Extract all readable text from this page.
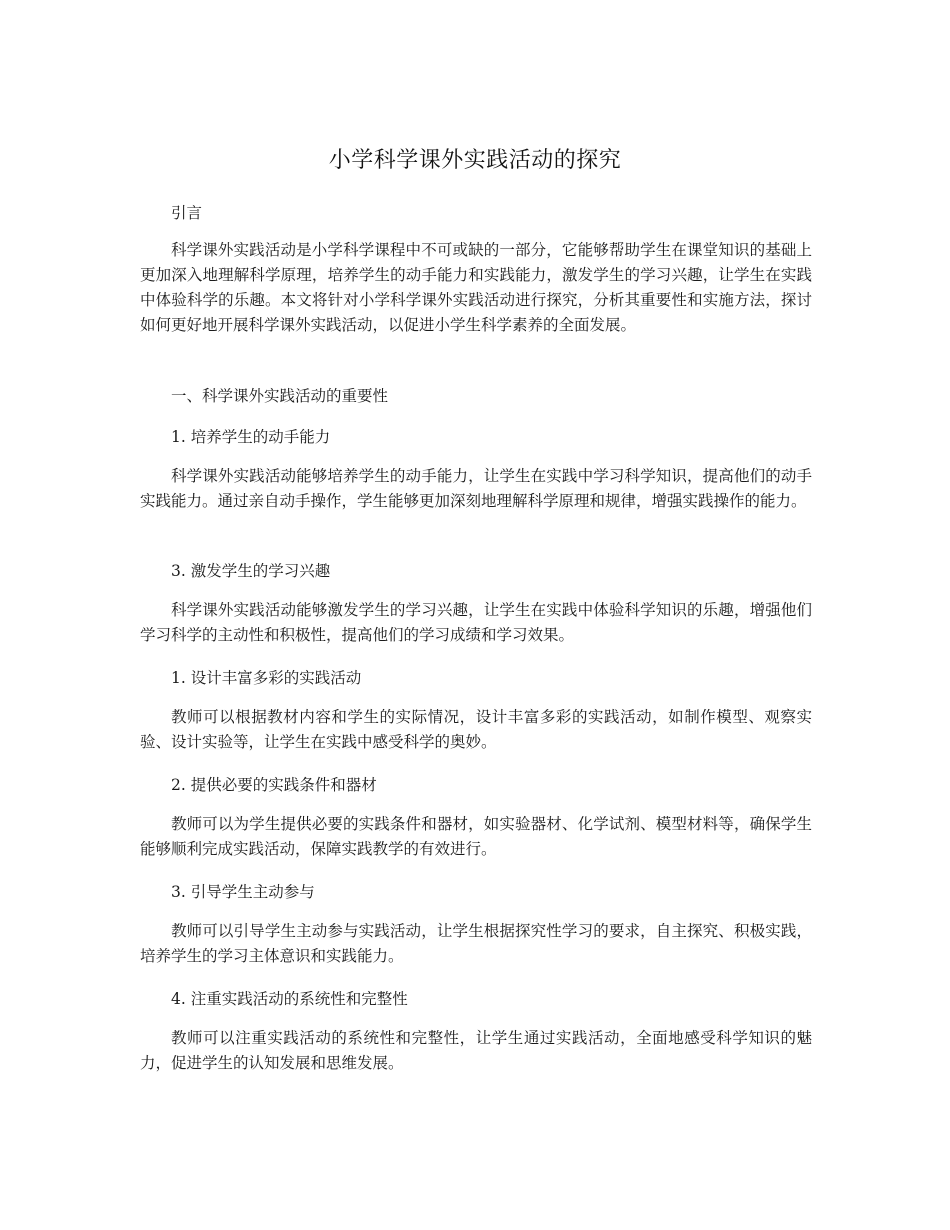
小学科学课外实践活动的探究
引言
科学课外实践活动是小学科学课程中不可或缺的一部分，它能够帮助学生在课堂知识的基础上更加深入地理解科学原理，培养学生的动手能力和实践能力，激发学生的学习兴趣，让学生在实践中体验科学的乐趣。本文将针对小学科学课外实践活动进行探究，分析其重要性和实施方法，探讨如何更好地开展科学课外实践活动，以促进小学生科学素养的全面发展。
一、科学课外实践活动的重要性
1. 培养学生的动手能力
科学课外实践活动能够培养学生的动手能力，让学生在实践中学习科学知识，提高他们的动手实践能力。通过亲自动手操作，学生能够更加深刻地理解科学原理和规律，增强实践操作的能力。
3. 激发学生的学习兴趣
科学课外实践活动能够激发学生的学习兴趣，让学生在实践中体验科学知识的乐趣，增强他们学习科学的主动性和积极性，提高他们的学习成绩和学习效果。
1. 设计丰富多彩的实践活动
教师可以根据教材内容和学生的实际情况，设计丰富多彩的实践活动，如制作模型、观察实验、设计实验等，让学生在实践中感受科学的奥妙。
2. 提供必要的实践条件和器材
教师可以为学生提供必要的实践条件和器材，如实验器材、化学试剂、模型材料等，确保学生能够顺利完成实践活动，保障实践教学的有效进行。
3. 引导学生主动参与
教师可以引导学生主动参与实践活动，让学生根据探究性学习的要求，自主探究、积极实践，培养学生的学习主体意识和实践能力。
4. 注重实践活动的系统性和完整性
教师可以注重实践活动的系统性和完整性，让学生通过实践活动，全面地感受科学知识的魅力，促进学生的认知发展和思维发展。
